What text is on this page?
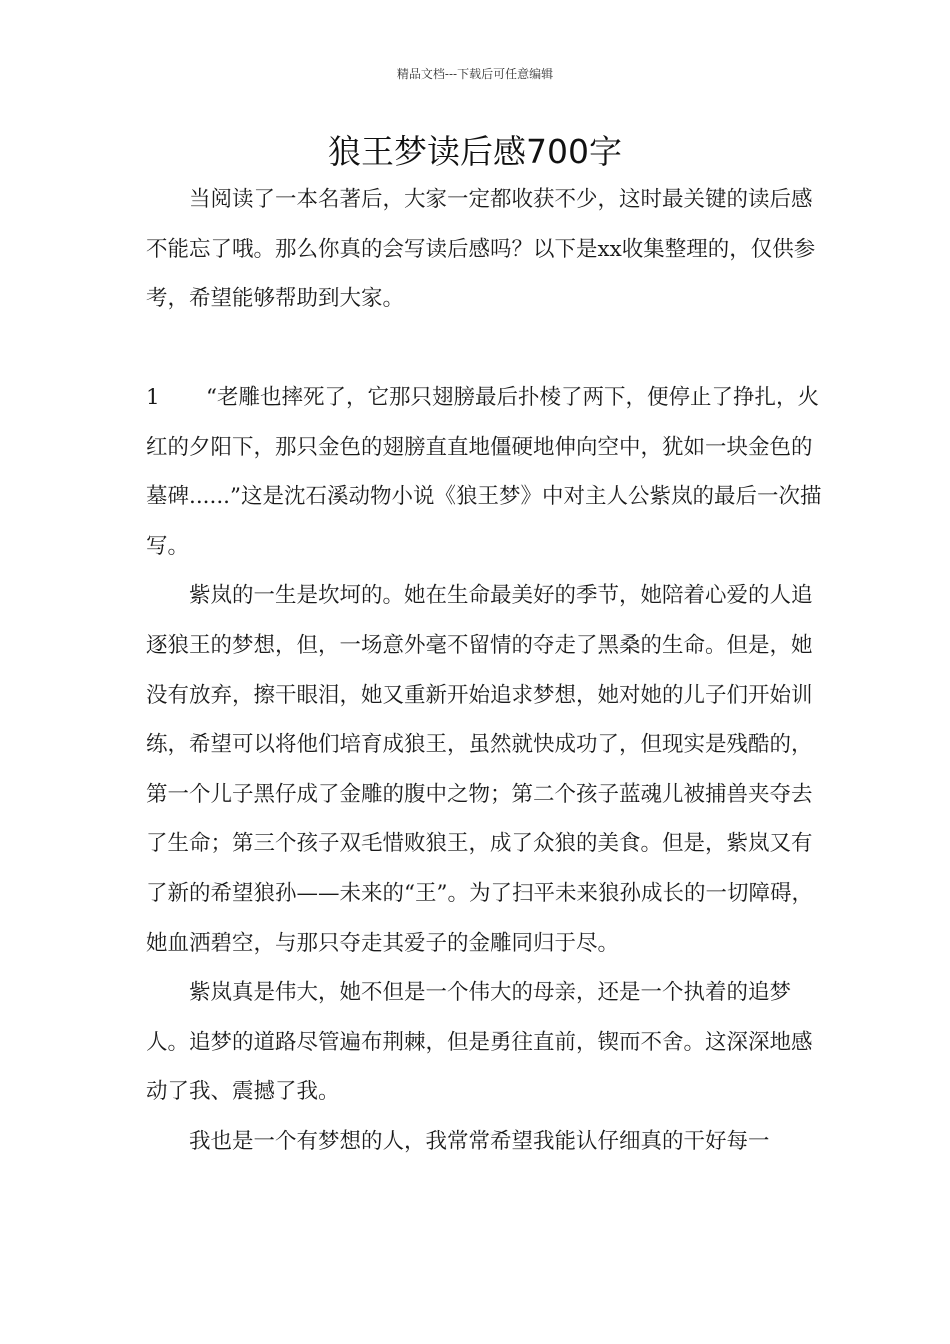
精品文档---下载后可任意编辑
狼王梦读后感700字

当阅读了一本名著后，大家一定都收获不少，这时最关键的读后感不能忘了哦。那么你真的会写读后感吗？以下是xx收集整理的，仅供参考，希望能够帮助到大家。

1 “老雕也摔死了，它那只翅膀最后扑棱了两下，便停止了挣扎，火红的夕阳下，那只金色的翅膀直直地僵硬地伸向空中，犹如一块金色的墓碑......”这是沈石溪动物小说《狼王梦》中对主人公紫岚的最后一次描写。

紫岚的一生是坎坷的。她在生命最美好的季节，她陪着心爱的人追逐狼王的梦想，但，一场意外毫不留情的夺走了黑桑的生命。但是，她没有放弃，擦干眼泪，她又重新开始追求梦想，她对她的儿子们开始训练，希望可以将他们培育成狼王，虽然就快成功了，但现实是残酷的，第一个儿子黑仔成了金雕的腹中之物；第二个孩子蓝魂儿被捕兽夹夺去了生命；第三个孩子双毛惜败狼王，成了众狼的美食。但是，紫岚又有了新的希望狼孙——未来的“王”。为了扫平未来狼孙成长的一切障碍，她血洒碧空，与那只夺走其爱子的金雕同归于尽。

紫岚真是伟大，她不但是一个伟大的母亲，还是一个执着的追梦人。追梦的道路尽管遍布荆棘，但是勇往直前，锲而不舍。这深深地感动了我、震撼了我。

我也是一个有梦想的人，我常常希望我能认仔细真的干好每一
